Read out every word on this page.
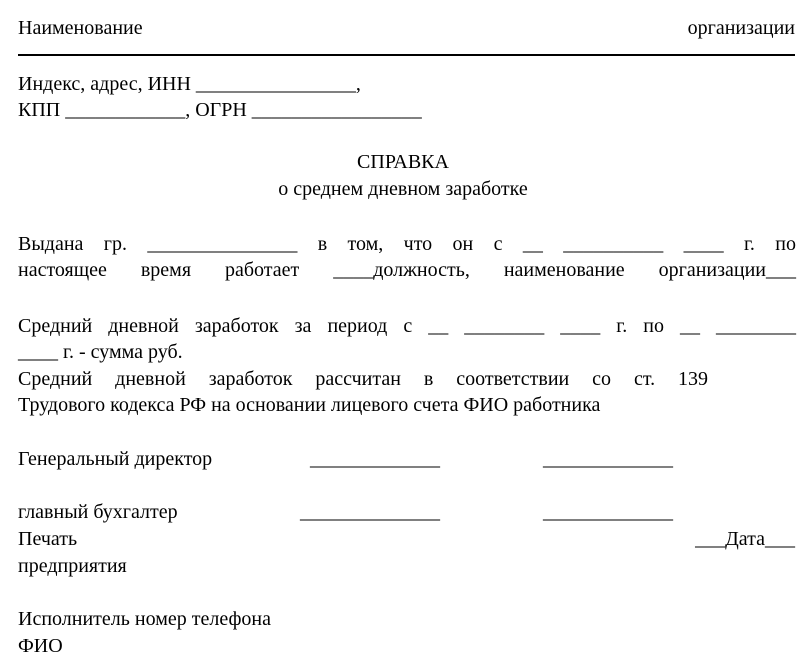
Наименование	организации
Индекс, адрес, ИНН ________________,
КПП ____________, ОГРН _________________
СПРАВКА
о среднем дневном заработке
Выдана гр. _______________ в том, что он с __ __________ ____ г. по
настоящее время работает ____должность, наименование организации___
Средний дневной заработок за период с __ ________ ____ г. по __ ________
____ г. - сумма руб.
Средний дневной заработок рассчитан в соответствии со ст. 139
Трудового кодекса РФ на основании лицевого счета ФИО работника
Генеральный директор	_____________	_____________
главный бухгалтер	______________	_____________
Печать	___Дата___
предприятия
Исполнитель номер телефона
ФИО
